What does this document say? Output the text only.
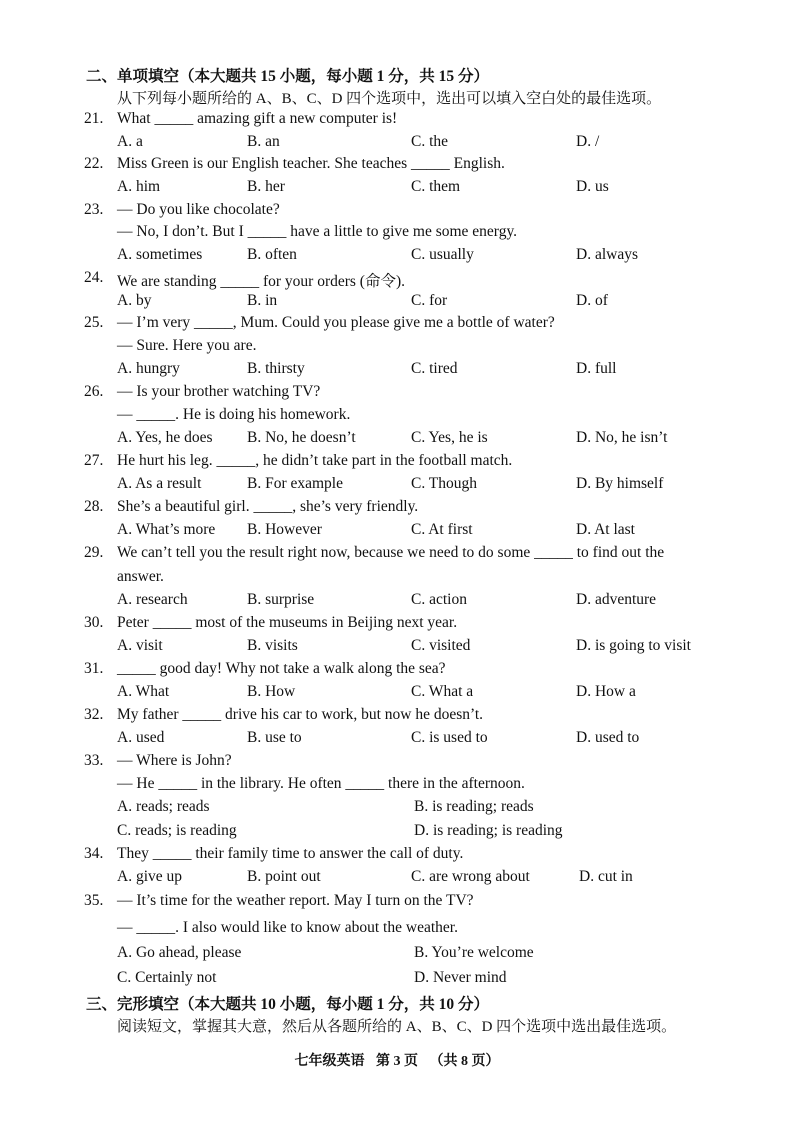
二、单项填空（本大题共 15 小题，每小题 1 分，共 15 分）
从下列每小题所给的 A、B、C、D 四个选项中，选出可以填入空白处的最佳选项。
21. What _____ amazing gift a new computer is!
A. a	B. an	C. the	D. /
22. Miss Green is our English teacher. She teaches _____ English.
A. him	B. her	C. them	D. us
23. — Do you like chocolate?
— No, I don’t. But I _____ have a little to give me some energy.
A. sometimes	B. often	C. usually	D. always
24. We are standing _____ for your orders (命令).
A. by	B. in	C. for	D. of
25. — I’m very _____, Mum. Could you please give me a bottle of water?
— Sure. Here you are.
A. hungry	B. thirsty	C. tired	D. full
26. — Is your brother watching TV?
— _____. He is doing his homework.
A. Yes, he does B. No, he doesn’t	C. Yes, he is	D. No, he isn’t
27. He hurt his leg. _____, he didn’t take part in the football match.
A. As a result	B. For example	C. Though	D. By himself
28. She’s a beautiful girl. _____, she’s very friendly.
A. What’s more B. However	C. At first	D. At last
29. We can’t tell you the result right now, because we need to do some _____ to find out the
answer.
A. research	B. surprise	C. action	D. adventure
30. Peter _____ most of the museums in Beijing next year.
A. visit	B. visits	C. visited	D. is going to visit
31. _____ good day! Why not take a walk along the sea?
A. What	B. How	C. What a	D. How a
32. My father _____ drive his car to work, but now he doesn’t.
A. used	B. use to	C. is used to	D. used to
33. — Where is John?
— He _____ in the library. He often _____ there in the afternoon.
A. reads; reads	B. is reading; reads
C. reads; is reading	D. is reading; is reading
34. They _____ their family time to answer the call of duty.
A. give up	B. point out	C. are wrong about	D. cut in
35. — It’s time for the weather report. May I turn on the TV?
— _____. I also would like to know about the weather.
A. Go ahead, please	B. You’re welcome
C. Certainly not	D. Never mind
三、完形填空（本大题共 10 小题，每小题 1 分，共 10 分）
阅读短文，掌握其大意，然后从各题所给的 A、B、C、D 四个选项中选出最佳选项。
七年级英语 第 3 页 （共 8 页）
